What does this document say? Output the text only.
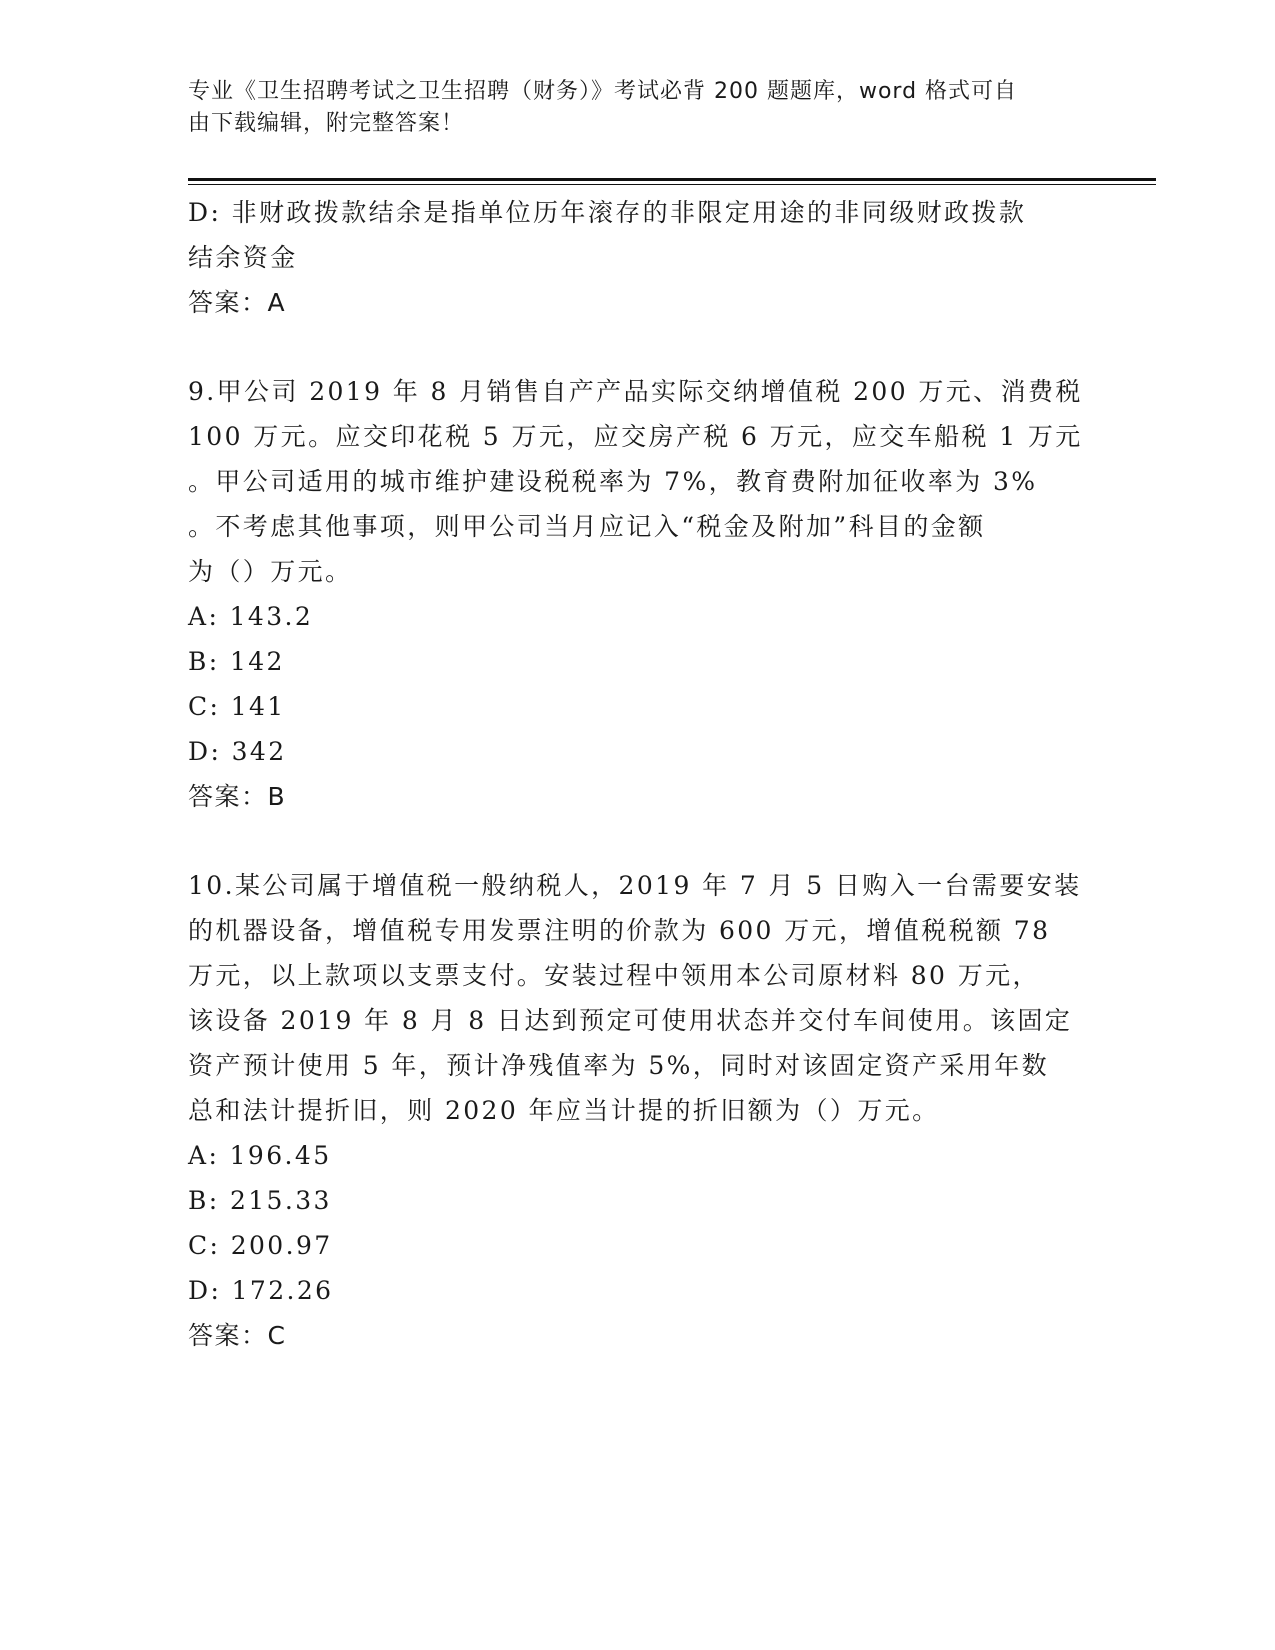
专业《卫生招聘考试之卫生招聘（财务）》考试必背 200 题题库，word 格式可自
由下载编辑，附完整答案！
D: 非财政拨款结余是指单位历年滚存的非限定用途的非同级财政拨款
结余资金
答案：A
9.甲公司 2019 年 8 月销售自产产品实际交纳增值税 200 万元、消费税
100 万元。应交印花税 5 万元，应交房产税 6 万元，应交车船税 1 万元
。甲公司适用的城市维护建设税税率为 7%，教育费附加征收率为 3%
。不考虑其他事项，则甲公司当月应记入“税金及附加”科目的金额
为（）万元。
A: 143.2
B: 142
C: 141
D: 342
答案：B
10.某公司属于增值税一般纳税人，2019 年 7 月 5 日购入一台需要安装
的机器设备，增值税专用发票注明的价款为 600 万元，增值税税额 78
万元，以上款项以支票支付。安装过程中领用本公司原材料 80 万元，
该设备 2019 年 8 月 8 日达到预定可使用状态并交付车间使用。该固定
资产预计使用 5 年，预计净残值率为 5%，同时对该固定资产采用年数
总和法计提折旧，则 2020 年应当计提的折旧额为（）万元。
A: 196.45
B: 215.33
C: 200.97
D: 172.26
答案：C
